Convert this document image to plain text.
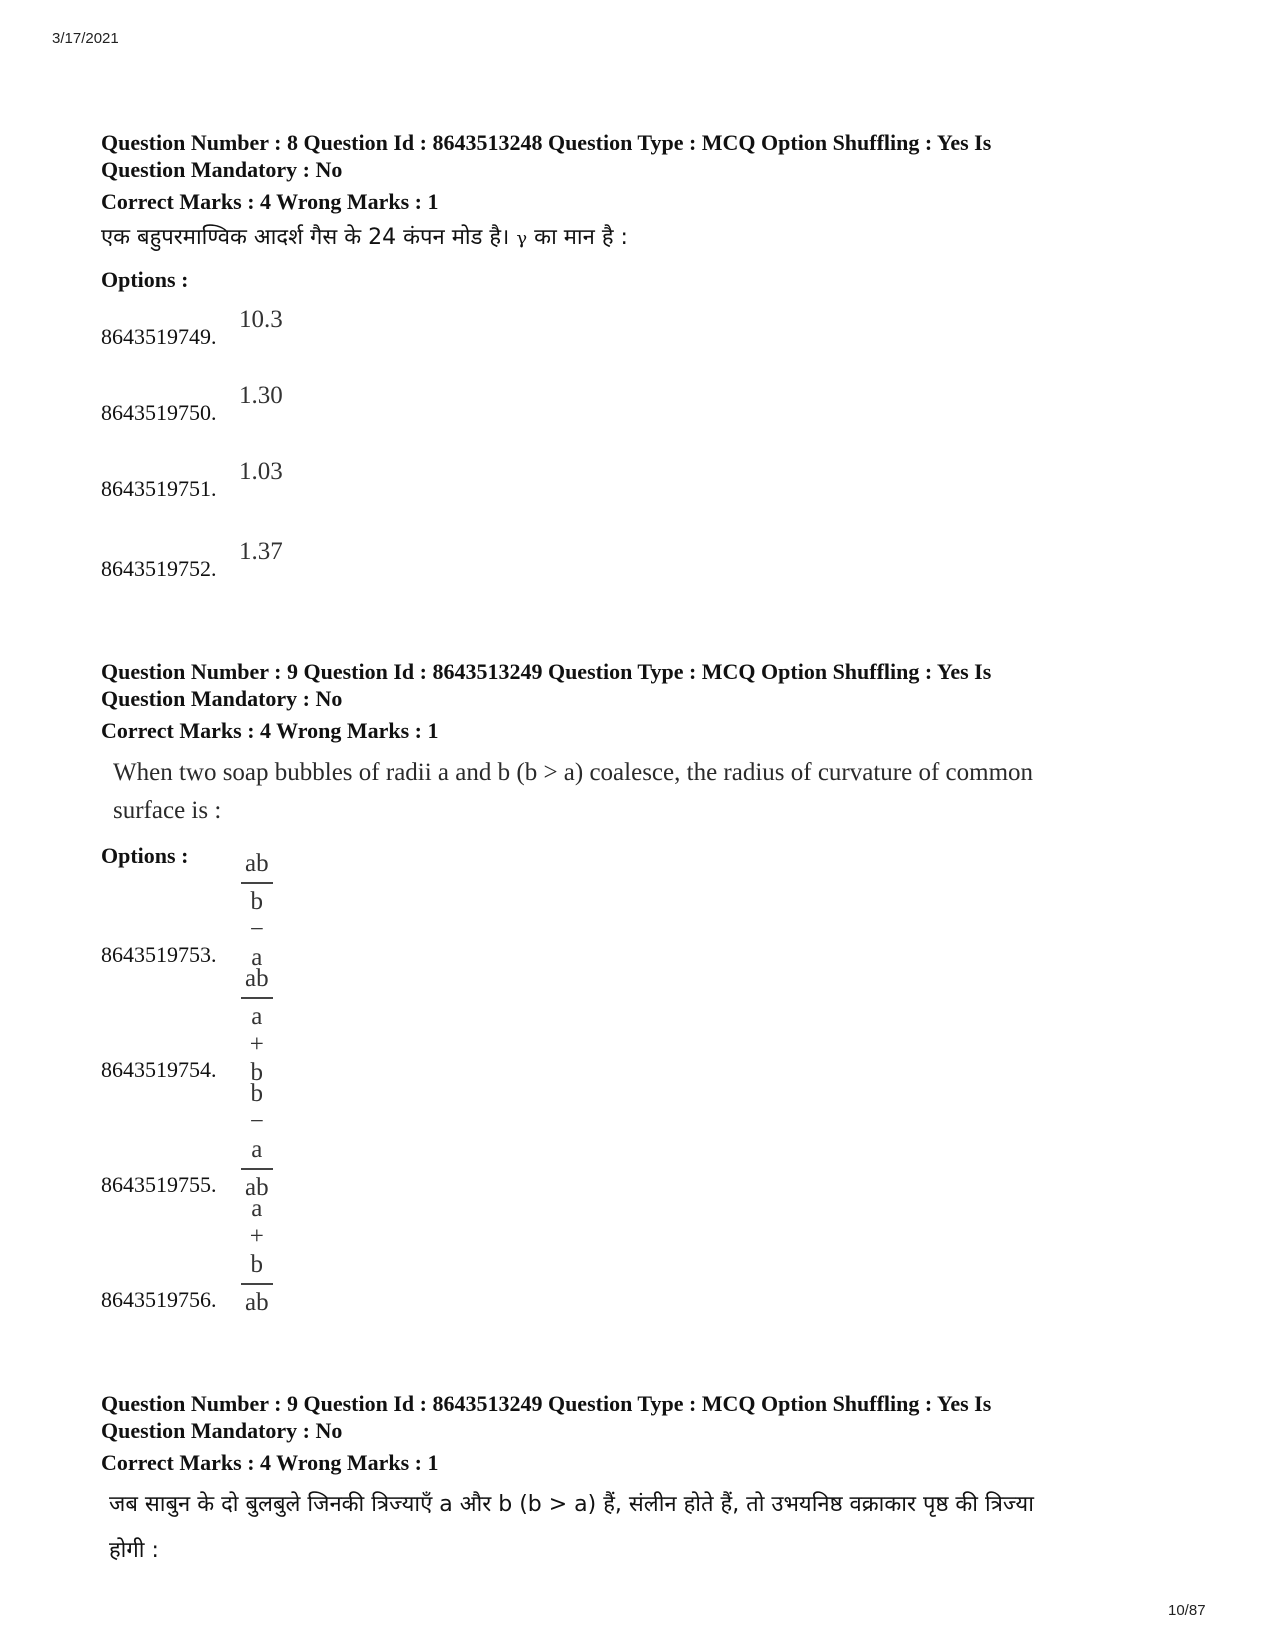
3/17/2021
Question Number : 8 Question Id : 8643513248 Question Type : MCQ Option Shuffling : Yes Is
Question Mandatory : No
Correct Marks : 4 Wrong Marks : 1
एक बहुपरमाण्विक आदर्श गैस के 24 कंपन मोड है। γ का मान है :
Options :
8643519749.
10.3
8643519750.
1.30
8643519751.
1.03
8643519752.
1.37
Question Number : 9 Question Id : 8643513249 Question Type : MCQ Option Shuffling : Yes Is
Question Mandatory : No
Correct Marks : 4 Wrong Marks : 1
When two soap bubbles of radii a and b (b > a) coalesce, the radius of curvature of common
surface is :
Options :
8643519753. $\frac{ab}{b - a}$
8643519754. $\frac{ab}{a + b}$
8643519755. $\frac{b - a}{ab}$
8643519756. $\frac{a + b}{ab}$
Question Number : 9 Question Id : 8643513249 Question Type : MCQ Option Shuffling : Yes Is
Question Mandatory : No
Correct Marks : 4 Wrong Marks : 1
जब साबुन के दो बुलबुले जिनकी त्रिज्याएँ a और b (b > a) हैं, संलीन होते हैं, तो उभयनिष्ठ वक्राकार पृष्ठ की त्रिज्या
होगी :
10/87
